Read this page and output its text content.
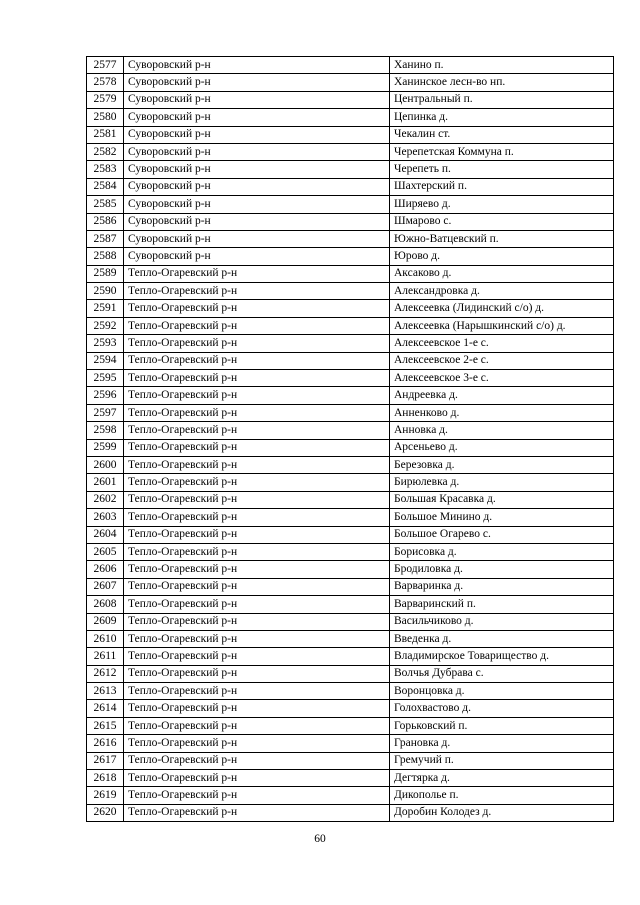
2577	Суворовский р-н	Ханино п.
2578	Суворовский р-н	Ханинское лесн-во нп.
2579	Суворовский р-н	Центральный п.
2580	Суворовский р-н	Цепинка д.
2581	Суворовский р-н	Чекалин ст.
2582	Суворовский р-н	Черепетская Коммуна п.
2583	Суворовский р-н	Черепеть п.
2584	Суворовский р-н	Шахтерский п.
2585	Суворовский р-н	Ширяево д.
2586	Суворовский р-н	Шмарово с.
2587	Суворовский р-н	Южно-Ватцевский п.
2588	Суворовский р-н	Юрово д.
2589	Тепло-Огаревский р-н	Аксаково д.
2590	Тепло-Огаревский р-н	Александровка д.
2591	Тепло-Огаревский р-н	Алексеевка (Лидинский с/о) д.
2592	Тепло-Огаревский р-н	Алексеевка (Нарышкинский с/о) д.
2593	Тепло-Огаревский р-н	Алексеевское 1-е с.
2594	Тепло-Огаревский р-н	Алексеевское 2-е с.
2595	Тепло-Огаревский р-н	Алексеевское 3-е с.
2596	Тепло-Огаревский р-н	Андреевка д.
2597	Тепло-Огаревский р-н	Анненково д.
2598	Тепло-Огаревский р-н	Анновка д.
2599	Тепло-Огаревский р-н	Арсеньево д.
2600	Тепло-Огаревский р-н	Березовка д.
2601	Тепло-Огаревский р-н	Бирюлевка д.
2602	Тепло-Огаревский р-н	Большая Красавка д.
2603	Тепло-Огаревский р-н	Большое Минино д.
2604	Тепло-Огаревский р-н	Большое Огарево с.
2605	Тепло-Огаревский р-н	Борисовка д.
2606	Тепло-Огаревский р-н	Бродиловка д.
2607	Тепло-Огаревский р-н	Варваринка д.
2608	Тепло-Огаревский р-н	Варваринский п.
2609	Тепло-Огаревский р-н	Васильчиково д.
2610	Тепло-Огаревский р-н	Введенка д.
2611	Тепло-Огаревский р-н	Владимирское Товарищество д.
2612	Тепло-Огаревский р-н	Волчья Дубрава с.
2613	Тепло-Огаревский р-н	Воронцовка д.
2614	Тепло-Огаревский р-н	Голохвастово д.
2615	Тепло-Огаревский р-н	Горьковский п.
2616	Тепло-Огаревский р-н	Грановка д.
2617	Тепло-Огаревский р-н	Гремучий п.
2618	Тепло-Огаревский р-н	Дегтярка д.
2619	Тепло-Огаревский р-н	Дикополье п.
2620	Тепло-Огаревский р-н	Доробин Колодез д.
60
